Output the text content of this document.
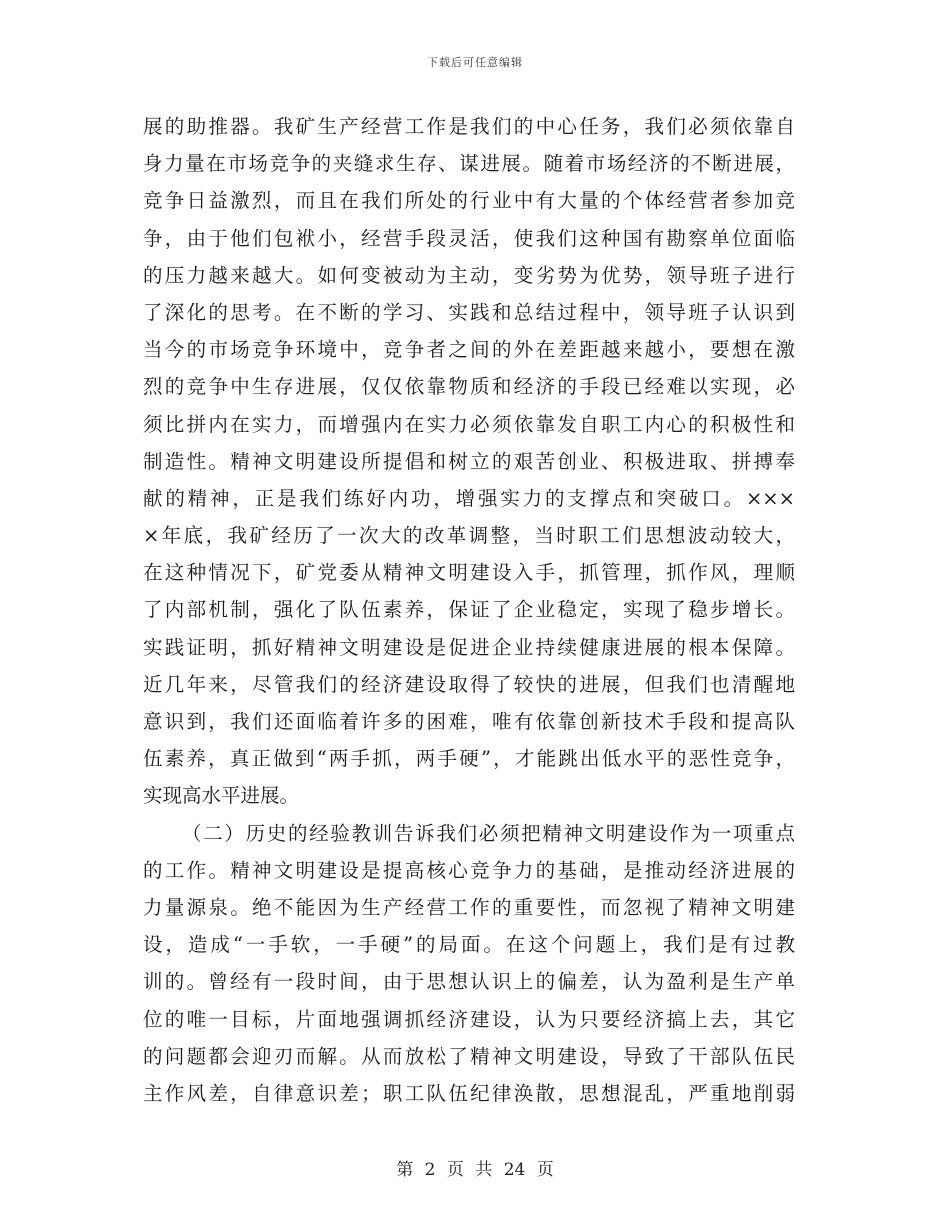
下载后可任意编辑
展的助推器。我矿生产经营工作是我们的中心任务，我们必须依靠自
身力量在市场竞争的夹缝求生存、谋进展。随着市场经济的不断进展，
竞争日益激烈，而且在我们所处的行业中有大量的个体经营者参加竞
争，由于他们包袱小，经营手段灵活，使我们这种国有勘察单位面临
的压力越来越大。如何变被动为主动，变劣势为优势，领导班子进行
了深化的思考。在不断的学习、实践和总结过程中，领导班子认识到
当今的市场竞争环境中，竞争者之间的外在差距越来越小，要想在激
烈的竞争中生存进展，仅仅依靠物质和经济的手段已经难以实现，必
须比拼内在实力，而增强内在实力必须依靠发自职工内心的积极性和
制造性。精神文明建设所提倡和树立的艰苦创业、积极进取、拼搏奉
献的精神，正是我们练好内功，增强实力的支撑点和突破口。×××
×年底，我矿经历了一次大的改革调整，当时职工们思想波动较大，
在这种情况下，矿党委从精神文明建设入手，抓管理，抓作风，理顺
了内部机制，强化了队伍素养，保证了企业稳定，实现了稳步增长。
实践证明，抓好精神文明建设是促进企业持续健康进展的根本保障。
近几年来，尽管我们的经济建设取得了较快的进展，但我们也清醒地
意识到，我们还面临着许多的困难，唯有依靠创新技术手段和提高队
伍素养，真正做到“两手抓，两手硬”，才能跳出低水平的恶性竞争，
实现高水平进展。
（二）历史的经验教训告诉我们必须把精神文明建设作为一项重点
的工作。精神文明建设是提高核心竞争力的基础，是推动经济进展的
力量源泉。绝不能因为生产经营工作的重要性，而忽视了精神文明建
设，造成“一手软，一手硬”的局面。在这个问题上，我们是有过教
训的。曾经有一段时间，由于思想认识上的偏差，认为盈利是生产单
位的唯一目标，片面地强调抓经济建设，认为只要经济搞上去，其它
的问题都会迎刃而解。从而放松了精神文明建设，导致了干部队伍民
主作风差，自律意识差；职工队伍纪律涣散，思想混乱，严重地削弱
第 2 页 共 24 页
